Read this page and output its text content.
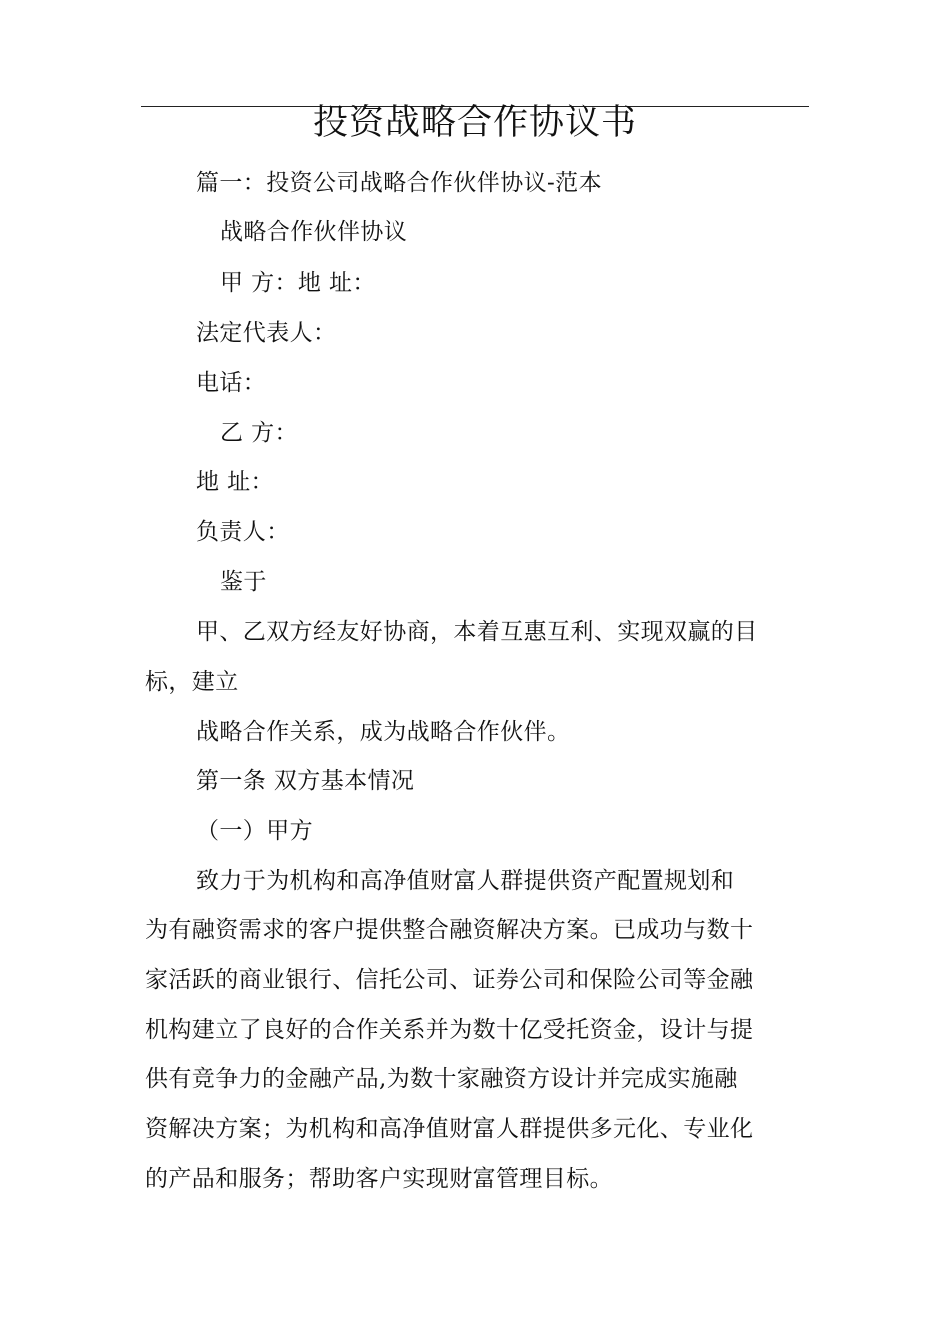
投资战略合作协议书
篇一：投资公司战略合作伙伴协议-范本
战略合作伙伴协议
甲 方：地 址：
法定代表人：
电话：
乙 方：
地 址：
负责人：
鉴于
甲、乙双方经友好协商，本着互惠互利、实现双赢的目
标，建立
战略合作关系，成为战略合作伙伴。
第一条 双方基本情况
（一）甲方
致力于为机构和高净值财富人群提供资产配置规划和
为有融资需求的客户提供整合融资解决方案。已成功与数十
家活跃的商业银行、信托公司、证券公司和保险公司等金融
机构建立了良好的合作关系并为数十亿受托资金，设计与提
供有竞争力的金融产品,为数十家融资方设计并完成实施融
资解决方案；为机构和高净值财富人群提供多元化、专业化
的产品和服务；帮助客户实现财富管理目标。
